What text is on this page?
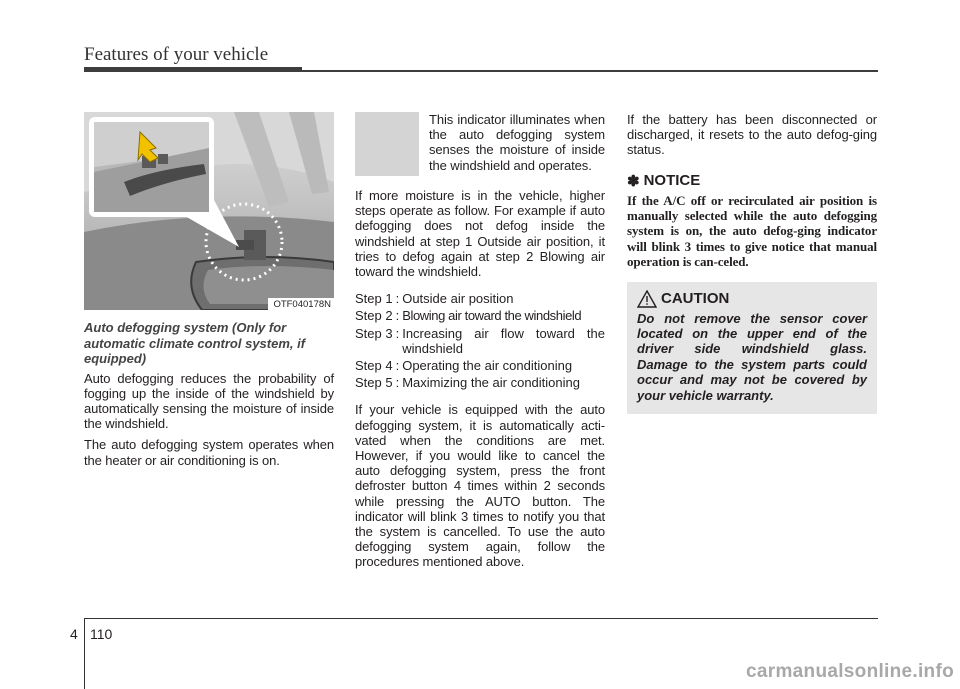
Features of your vehicle
OTF040178N
Auto defogging system (Only for automatic climate control system, if equipped)

Auto defogging reduces the probability of fogging up the inside of the windshield by automatically sensing the moisture of inside the windshield.

The auto defogging system operates when the heater or air conditioning is on.

This indicator illuminates when the auto defogging system senses the moisture of inside the windshield and operates.

If more moisture is in the vehicle, higher steps operate as follow. For example if auto defogging does not defog inside the windshield at step 1 Outside air position, it tries to defog again at step 2 Blowing air toward the windshield.

Step 1 : Outside air position
Step 2 : Blowing air toward the windshield
Step 3 : Increasing air flow toward the windshield
Step 4 : Operating the air conditioning
Step 5 : Maximizing the air conditioning

If your vehicle is equipped with the auto defogging system, it is automatically acti-vated when the conditions are met. However, if you would like to cancel the auto defogging system, press the front defroster button 4 times within 2 seconds while pressing the AUTO button. The indicator will blink 3 times to notify you that the system is cancelled. To use the auto defogging system again, follow the procedures mentioned above.

If the battery has been disconnected or discharged, it resets to the auto defog-ging status.

✽ NOTICE
If the A/C off or recirculated air position is manually selected while the auto defogging system is on, the auto defog-ging indicator will blink 3 times to give notice that manual operation is can-celed.
CAUTION
Do not remove the sensor cover located on the upper end of the driver side windshield glass. Damage to the system parts could occur and may not be covered by your vehicle warranty.
4 110
carmanualsonline.info
